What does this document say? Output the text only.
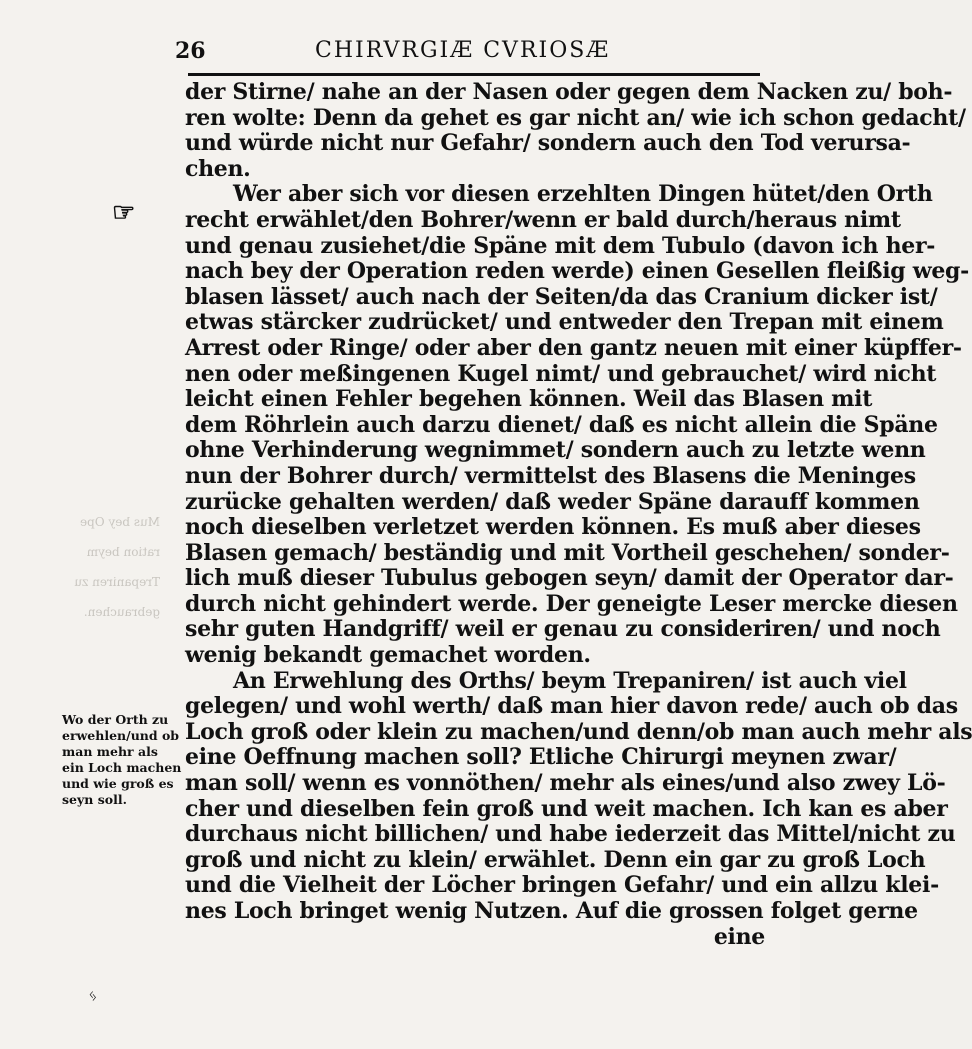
Mus bey Ope

ration beym

Trepaniren zu

gebrauchen.

26	CHIRVRGIÆ CVRIOSÆ
☞
Wo der Orth zu
erwehlen/und ob
man mehr als
ein Loch machen
und wie groß es
seyn soll.
der Stirne/ nahe an der Nasen oder gegen dem Nacken zu/ boh-
ren wolte: Denn da gehet es gar nicht an/ wie ich schon gedacht/
und würde nicht nur Gefahr/ sondern auch den Tod verursa-
chen.
Wer aber sich vor diesen erzehlten Dingen hütet/den Orth
recht erwählet/den Bohrer/wenn er bald durch/heraus nimt
und genau zusiehet/die Späne mit dem Tubulo (davon ich her-
nach bey der Operation reden werde) einen Gesellen fleißig weg-
blasen lässet/ auch nach der Seiten/da das Cranium dicker ist/
etwas stärcker zudrücket/ und entweder den Trepan mit einem
Arrest oder Ringe/ oder aber den gantz neuen mit einer küpffer-
nen oder meßingenen Kugel nimt/ und gebrauchet/ wird nicht
leicht einen Fehler begehen können. Weil das Blasen mit
dem Röhrlein auch darzu dienet/ daß es nicht allein die Späne
ohne Verhinderung wegnimmet/ sondern auch zu letzte wenn
nun der Bohrer durch/ vermittelst des Blasens die Meninges
zurücke gehalten werden/ daß weder Späne darauff kommen
noch dieselben verletzet werden können. Es muß aber dieses
Blasen gemach/ beständig und mit Vortheil geschehen/ sonder-
lich muß dieser Tubulus gebogen seyn/ damit der Operator dar-
durch nicht gehindert werde. Der geneigte Leser mercke diesen
sehr guten Handgriff/ weil er genau zu consideriren/ und noch
wenig bekandt gemachet worden.
An Erwehlung des Orths/ beym Trepaniren/ ist auch viel
gelegen/ und wohl werth/ daß man hier davon rede/ auch ob das
Loch groß oder klein zu machen/und denn/ob man auch mehr als
eine Oeffnung machen soll? Etliche Chirurgi meynen zwar/
man soll/ wenn es vonnöthen/ mehr als eines/und also zwey Lö-
cher und dieselben fein groß und weit machen. Ich kan es aber
durchaus nicht billichen/ und habe iederzeit das Mittel/nicht zu
groß und nicht zu klein/ erwählet. Denn ein gar zu groß Loch
und die Vielheit der Löcher bringen Gefahr/ und ein allzu klei-
nes Loch bringet wenig Nutzen. Auf die grossen folget gerne
eine
ᛃ
